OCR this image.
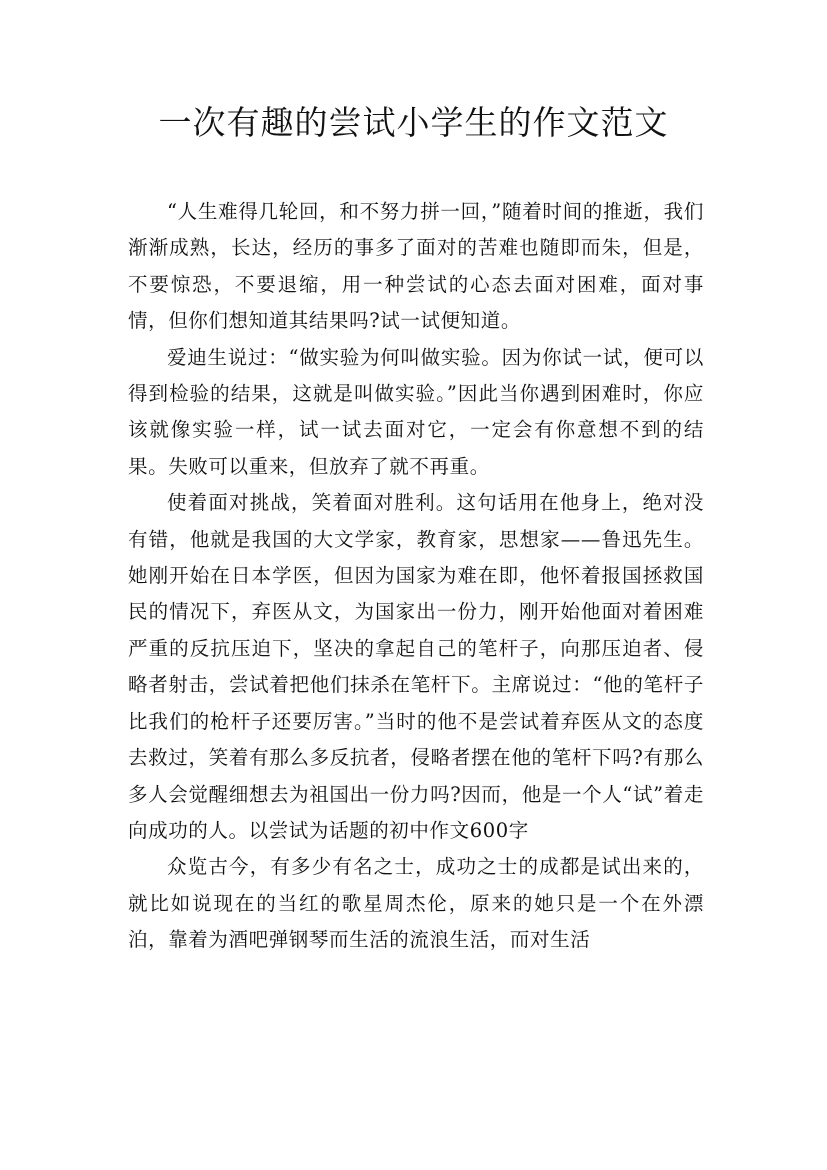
一次有趣的尝试小学生的作文范文

“人生难得几轮回，和不努力拼一回，”随着时间的推逝，我们渐渐成熟，长达，经历的事多了面对的苦难也随即而朱，但是，不要惊恐，不要退缩，用一种尝试的心态去面对困难，面对事情，但你们想知道其结果吗?试一试便知道。

爱迪生说过：“做实验为何叫做实验。因为你试一试，便可以得到检验的结果，这就是叫做实验。”因此当你遇到困难时，你应该就像实验一样，试一试去面对它，一定会有你意想不到的结果。失败可以重来，但放弃了就不再重。

使着面对挑战，笑着面对胜利。这句话用在他身上，绝对没有错，他就是我国的大文学家，教育家，思想家——鲁迅先生。她刚开始在日本学医，但因为国家为难在即，他怀着报国拯救国民的情况下，弃医从文，为国家出一份力，刚开始他面对着困难严重的反抗压迫下，坚决的拿起自己的笔杆子，向那压迫者、侵略者射击，尝试着把他们抹杀在笔杆下。主席说过：“他的笔杆子比我们的枪杆子还要厉害。”当时的他不是尝试着弃医从文的态度去救过，笑着有那么多反抗者，侵略者摆在他的笔杆下吗?有那么多人会觉醒细想去为祖国出一份力吗?因而，他是一个人“试”着走向成功的人。以尝试为话题的初中作文600字

众览古今，有多少有名之士，成功之士的成都是试出来的，就比如说现在的当红的歌星周杰伦，原来的她只是一个在外漂泊，靠着为酒吧弹钢琴而生活的流浪生活，而对生活
